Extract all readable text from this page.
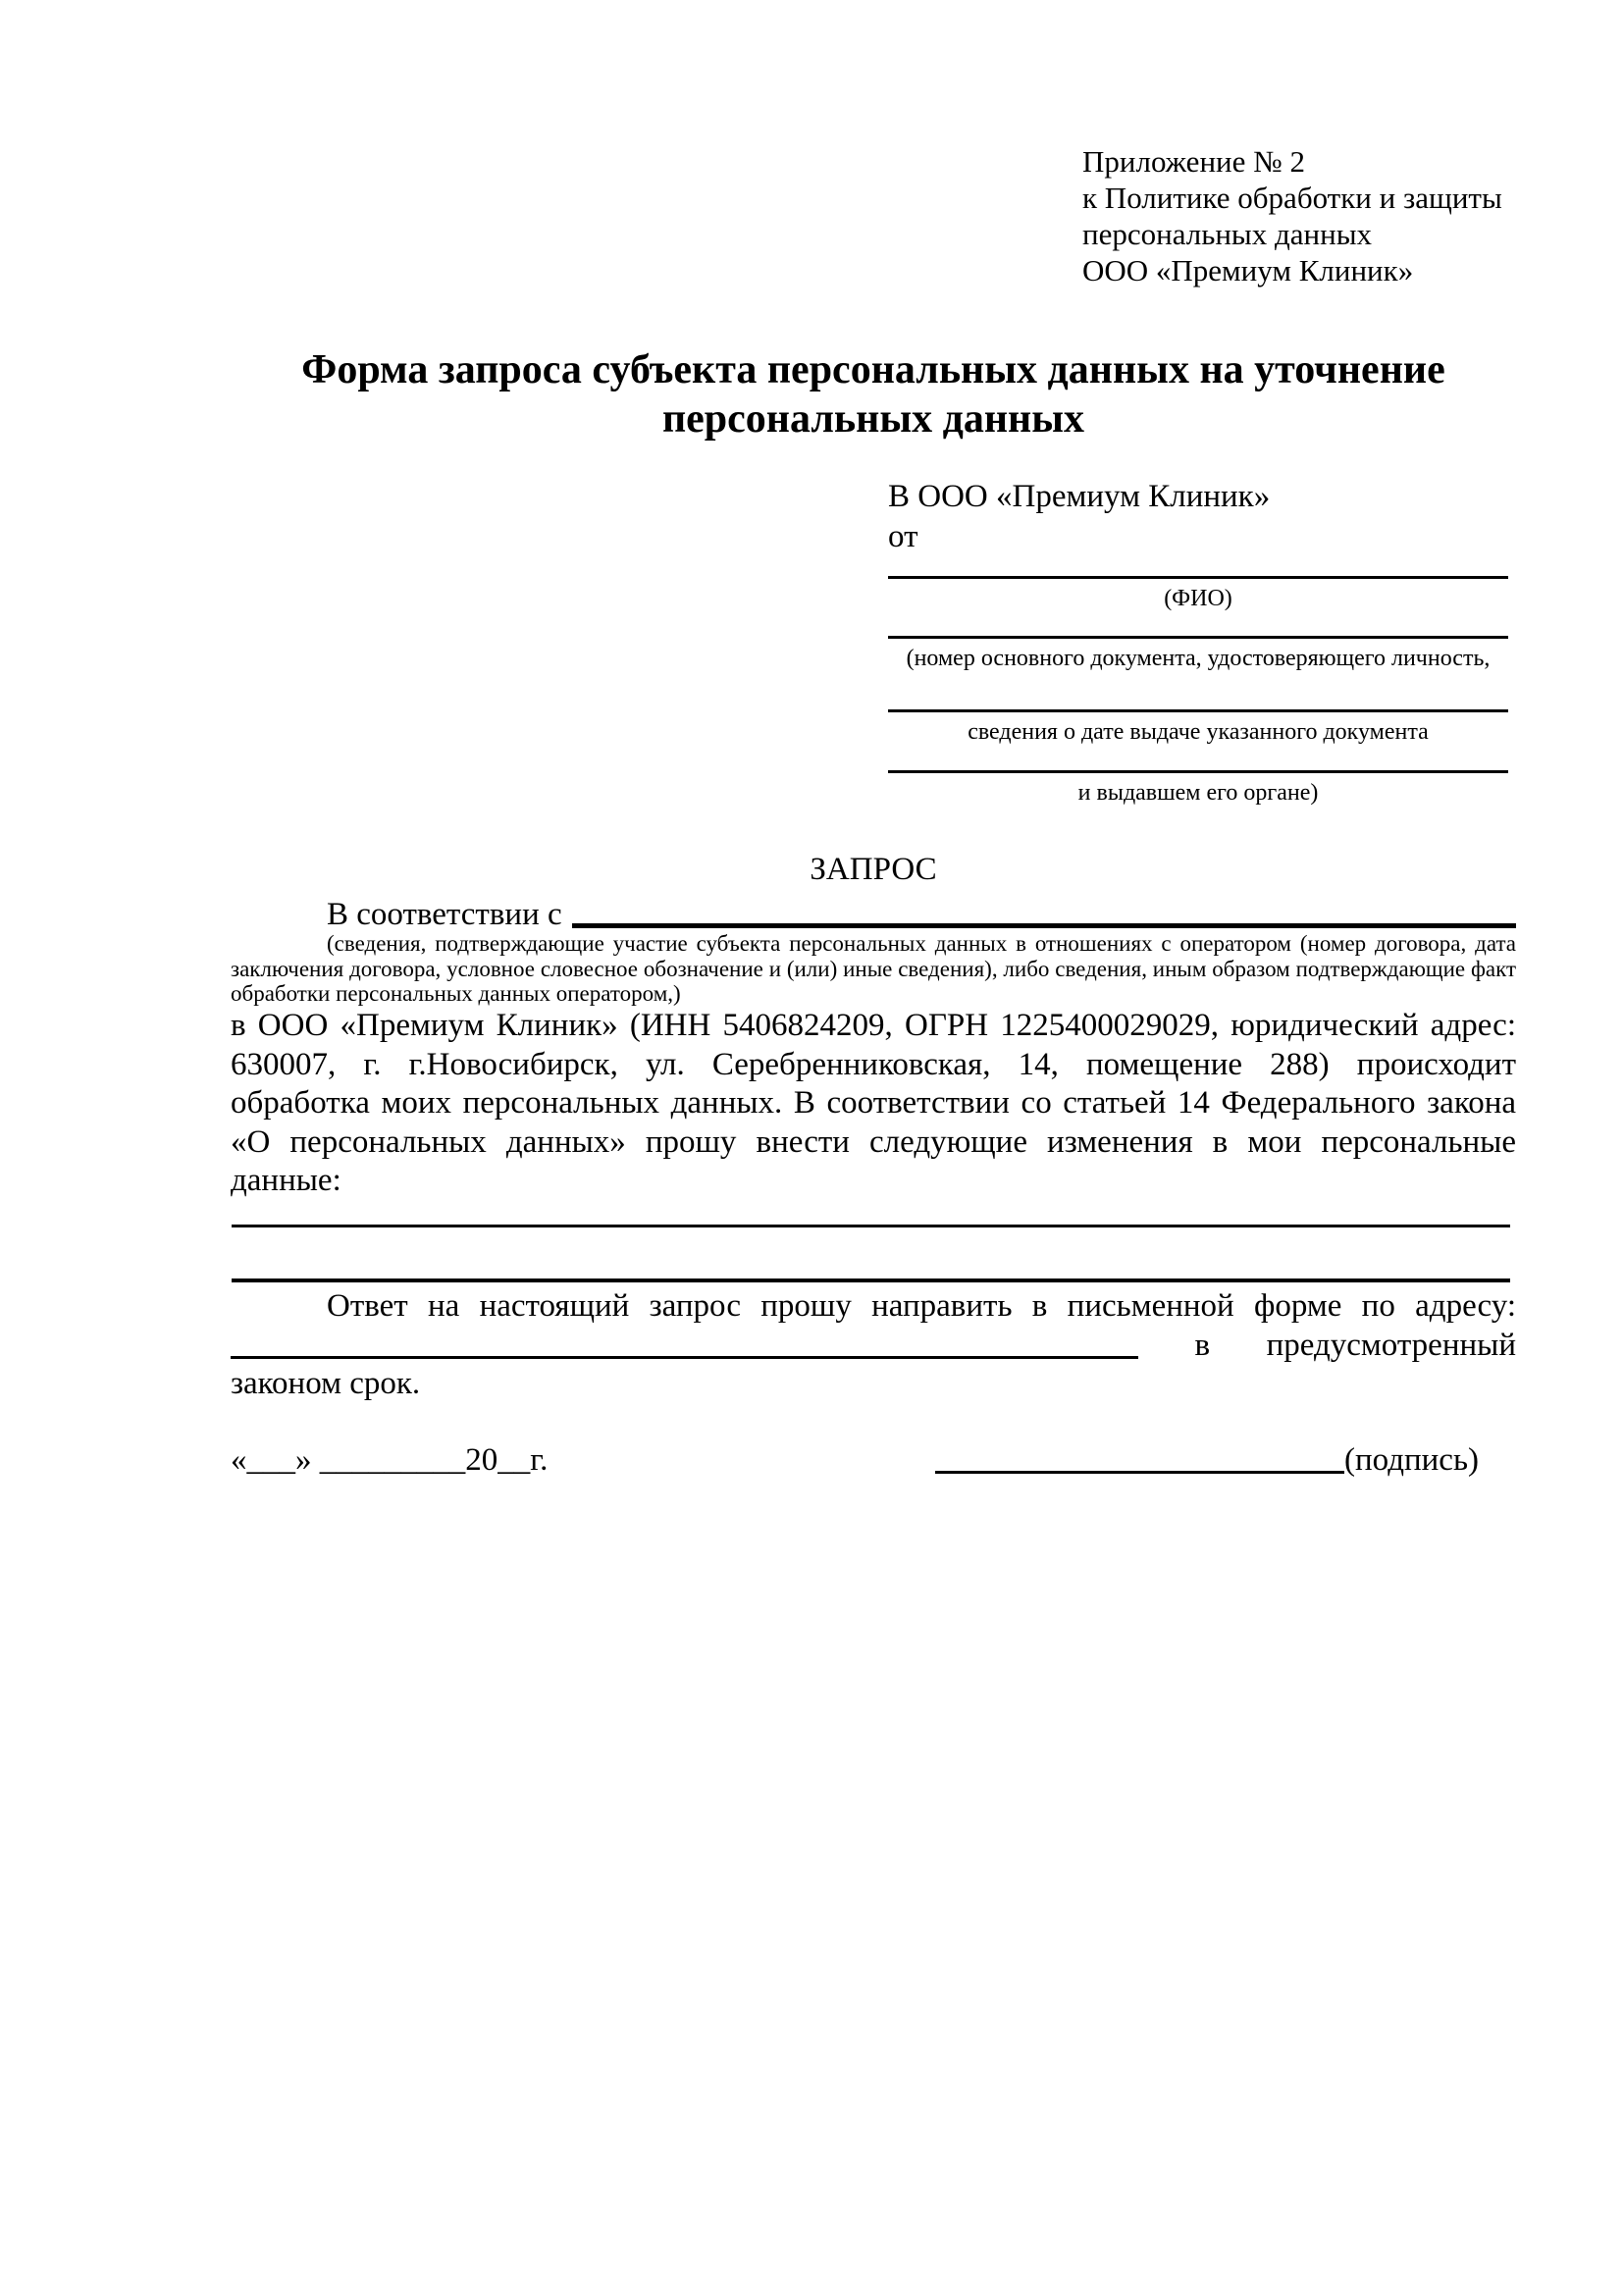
Приложение № 2
к Политике обработки и защиты
персональных данных
ООО «Премиум Клиник»
Форма запроса субъекта персональных данных на уточнение
персональных данных
В ООО «Премиум Клиник»
от
(ФИО)
(номер основного документа, удостоверяющего личность,
сведения о дате выдаче указанного документа
и выдавшем его органе)
ЗАПРОС
В соответствии с
(сведения, подтверждающие участие субъекта персональных данных в отношениях с оператором (номер договора, дата
заключения договора, условное словесное обозначение и (или) иные сведения), либо сведения, иным образом подтверждающие факт
обработки персональных данных оператором,)
в ООО «Премиум Клиник» (ИНН 5406824209, ОГРН 1225400029029, юридический адрес:
630007, г. г.Новосибирск, ул. Серебренниковская, 14, помещение 288) происходит
обработка моих персональных данных. В соответствии со статьей 14 Федерального закона
«О персональных данных» прошу внести следующие изменения в мои персональные
данные:
Ответ на настоящий запрос прошу направить в письменной форме по адресу:
в предусмотренный
законом срок.
«___» _________20__г.	(подпись)
